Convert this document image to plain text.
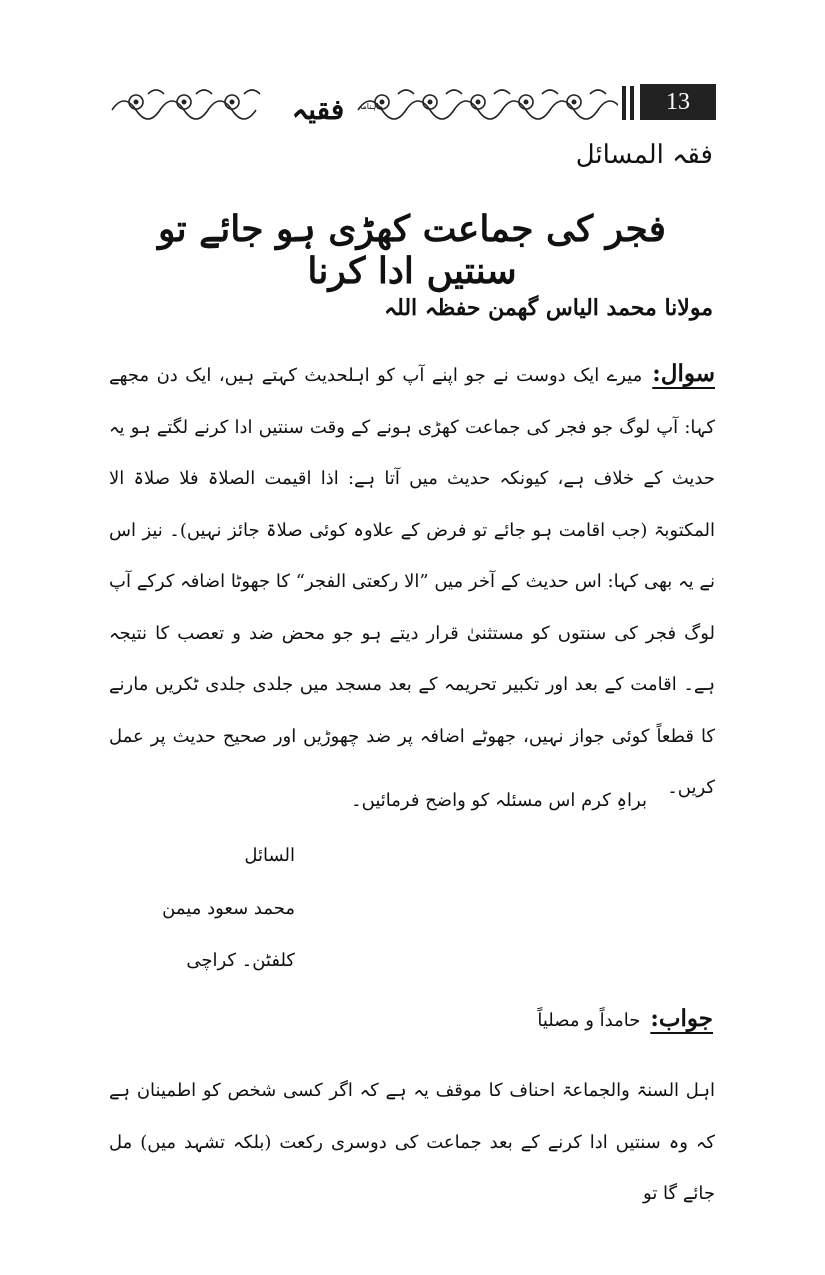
فقیہ	ماہنامہ	13
فقہ المسائل
فجر کی جماعت کھڑی ہو جائے تو سنتیں ادا کرنا
مولانا محمد الیاس گھمن حفظہ اللہ
سوال:میرے ایک دوست نے جو اپنے آپ کو اہلحدیث کہتے ہیں، ایک دن مجھے کہا: آپ لوگ جو فجر کی جماعت کھڑی ہونے کے وقت سنتیں ادا کرنے لگتے ہو یہ حدیث کے خلاف ہے، کیونکہ حدیث میں آتا ہے: اذا اقیمت الصلاۃ فلا صلاۃ الا المکتوبۃ (جب اقامت ہو جائے تو فرض کے علاوہ کوئی صلاۃ جائز نہیں)۔ نیز اس نے یہ بھی کہا: اس حدیث کے آخر میں ”الا رکعتی الفجر“ کا جھوٹا اضافہ کرکے آپ لوگ فجر کی سنتوں کو مستثنیٰ قرار دیتے ہو جو محض ضد و تعصب کا نتیجہ ہے۔ اقامت کے بعد اور تکبیر تحریمہ کے بعد مسجد میں جلدی جلدی ٹکریں مارنے کا قطعاً کوئی جواز نہیں، جھوٹے اضافہ پر ضد چھوڑیں اور صحیح حدیث پر عمل کریں۔
براہِ کرم اس مسئلہ کو واضح فرمائیں۔
السائل
محمد سعود میمن
کلفٹن۔ کراچی
جواب:حامداً و مصلیاً
اہل السنۃ والجماعۃ احناف کا موقف یہ ہے کہ اگر کسی شخص کو اطمینان ہے کہ وہ سنتیں ادا کرنے کے بعد جماعت کی دوسری رکعت (بلکہ تشہد میں) مل جائے گا تو
